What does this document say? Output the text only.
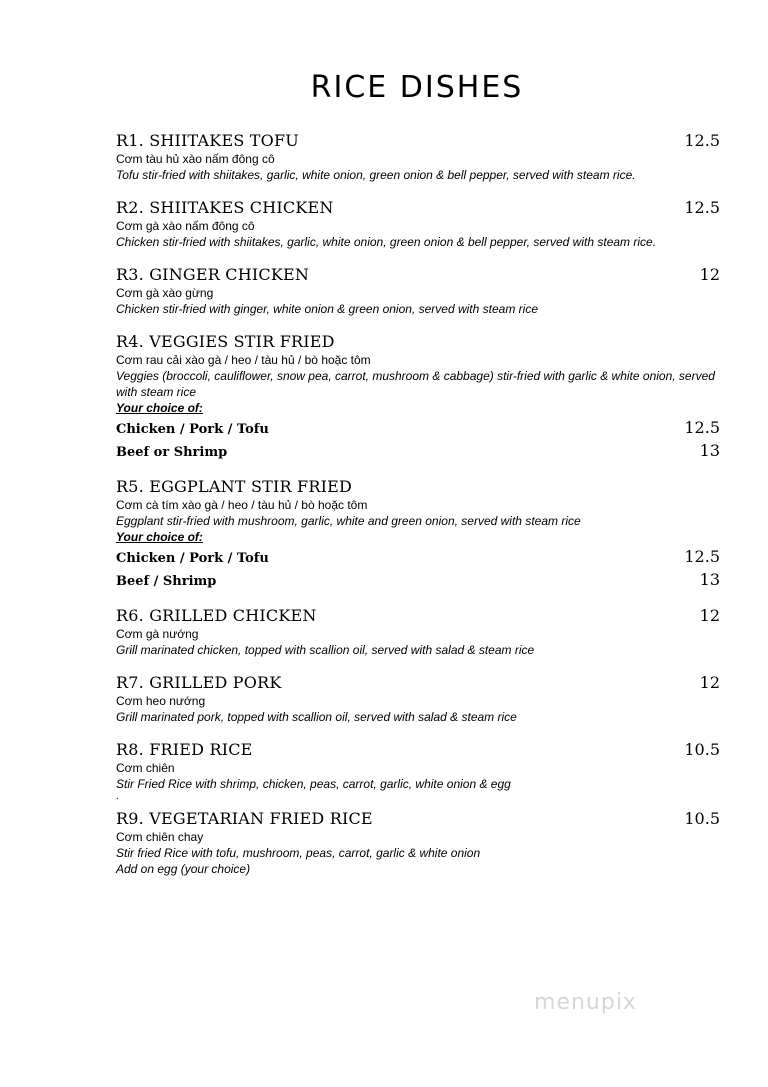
RICE DISHES
R1. SHIITAKES TOFU	12.5
Cơm tàu hủ xào nấm đông cô
Tofu stir-fried with shiitakes, garlic, white onion, green onion & bell pepper, served with steam rice.
R2. SHIITAKES CHICKEN	12.5
Cơm gà xào nấm đông cô
Chicken stir-fried with shiitakes, garlic, white onion, green onion & bell pepper, served with steam rice.
R3. GINGER CHICKEN	12
Cơm gà xào gừng
Chicken stir-fried with ginger, white onion & green onion, served with steam rice
R4. VEGGIES STIR FRIED
Cơm rau cải xào gà / heo / tàu hủ / bò hoặc tôm
Veggies (broccoli, cauliflower, snow pea, carrot, mushroom & cabbage) stir-fried with garlic & white onion, served with steam rice
Your choice of:
Chicken / Pork / Tofu	12.5
Beef or Shrimp	13
R5. EGGPLANT STIR FRIED
Cơm cà tím xào gà / heo / tàu hủ / bò hoặc tôm
Eggplant stir-fried with mushroom, garlic, white and green onion, served with steam rice
Your choice of:
Chicken / Pork / Tofu	12.5
Beef / Shrimp	13
R6. GRILLED CHICKEN	12
Cơm gà nướng
Grill marinated chicken, topped with scallion oil, served with salad & steam rice
R7. GRILLED PORK	12
Cơm heo nướng
Grill marinated pork, topped with scallion oil, served with salad & steam rice
R8. FRIED RICE	10.5
Cơm chiên
Stir Fried Rice with shrimp, chicken, peas, carrot, garlic, white onion & egg
.
R9. VEGETARIAN FRIED RICE	10.5
Cơm chiên chay
Stir fried Rice with tofu, mushroom, peas, carrot, garlic & white onion
Add on egg (your choice)
menupix
